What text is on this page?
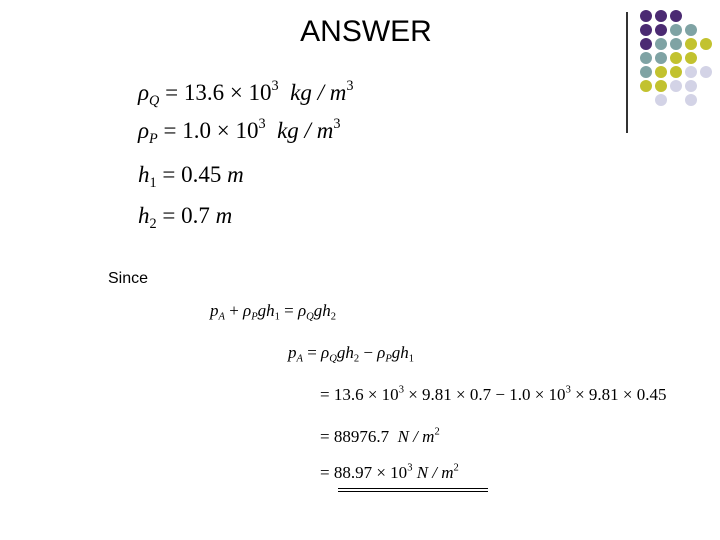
ANSWER
$\rho_Q = 13.6 \times 10^3$ kg / $m^3$
$\rho_P = 1.0 \times 10^3$ kg / $m^3$
$h_1 = 0.45$ m
$h_2 = 0.7$ m
Since
$p_A + \rho_Pgh_1 = \rho_Qgh_2$
$p_A = \rho_Qgh_2 - \rho_Pgh_1$
= $13.6 \times 10^3 \times 9.81 \times 0.7 - 1.0 \times 10^3 \times 9.81 \times 0.45$
= 88976.7 N / $m^2$
= $88.97 \times 10^3$ N / $m^2$
